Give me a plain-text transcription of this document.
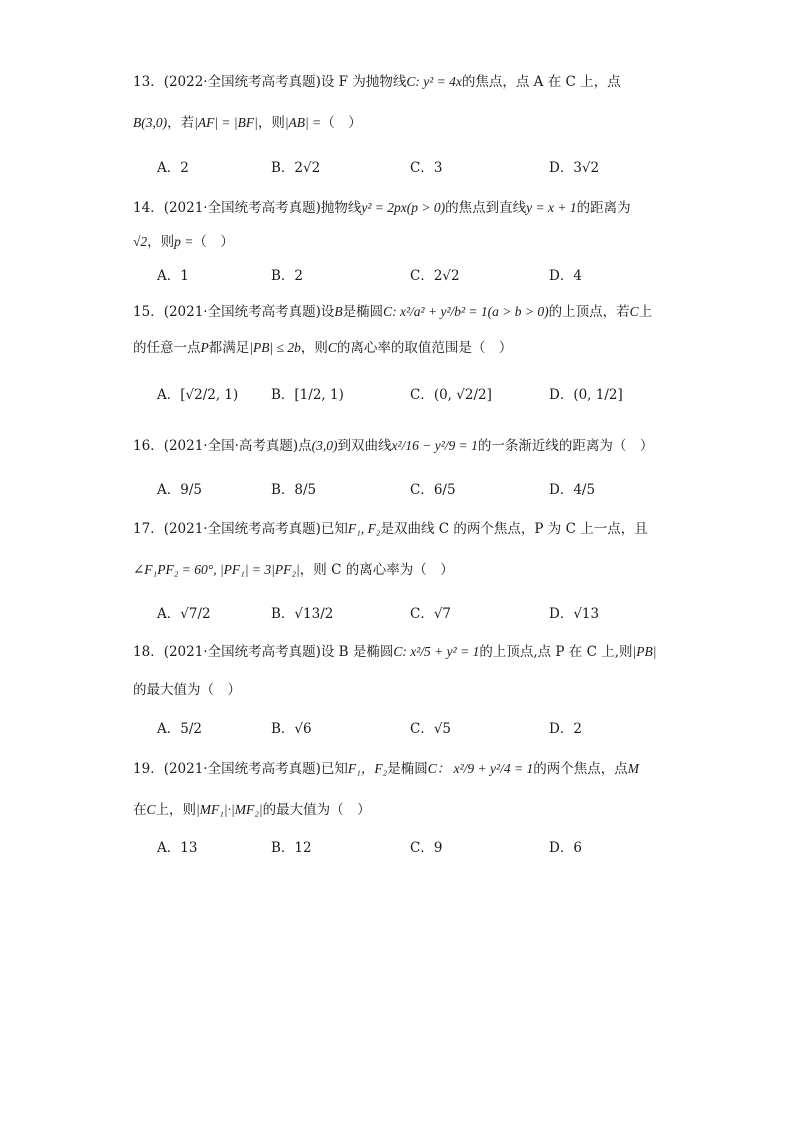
13．(2022·全国统考高考真题)设 F 为抛物线C: y² = 4x的焦点，点 A 在 C 上，点
B(3,0)，若|AF| = |BF|，则|AB| =（　）
A．2	B．2√2	C．3	D．3√2
14．(2021·全国统考高考真题)抛物线y² = 2px(p > 0)的焦点到直线y = x + 1的距离为
√2，则p =（　）
A．1	B．2	C．2√2	D．4
15．(2021·全国统考高考真题)设B是椭圆C: x²/a² + y²/b² = 1(a > b > 0)的上顶点，若C上
的任意一点P都满足|PB| ≤ 2b，则C的离心率的取值范围是（　）
A．[√2/2, 1) B．[1/2, 1)	C．(0, √2/2]	D．(0, 1/2]
16．(2021·全国·高考真题)点(3,0)到双曲线x²/16 − y²/9 = 1的一条渐近线的距离为（　）
A．9/5	B．8/5	C．6/5	D．4/5
17．(2021·全国统考高考真题)已知F₁, F₂是双曲线 C 的两个焦点，P 为 C 上一点，且
∠F₁PF₂ = 60°, |PF₁| = 3|PF₂|，则 C 的离心率为（　）
A．√7/2	B．√13/2	C．√7	D．√13
18．(2021·全国统考高考真题)设 B 是椭圆C: x²/5 + y² = 1的上顶点,点 P 在 C 上,则|PB|
的最大值为（　）
A．5/2	B．√6	C．√5	D．2
19．(2021·全国统考高考真题)已知F₁，F₂是椭圆C： x²/9 + y²/4 = 1的两个焦点，点M
在C上，则|MF₁|·|MF₂|的最大值为（　）
A．13	B．12	C．9	D．6
